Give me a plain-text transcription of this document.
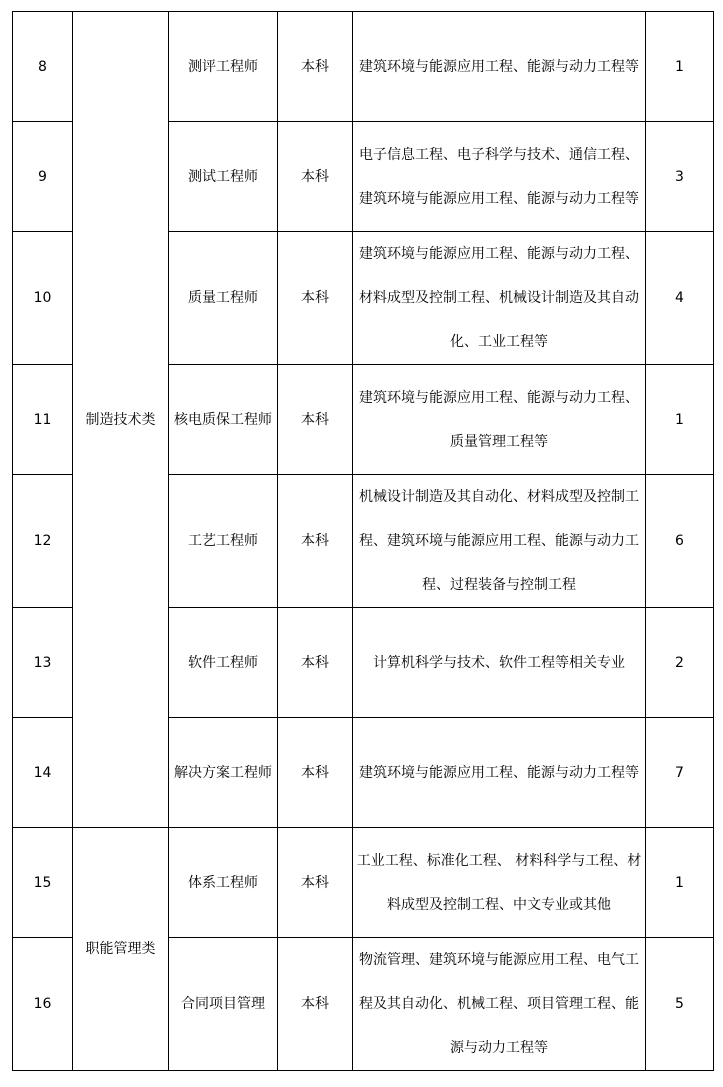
8	制造技术类	测评工程师	本科	建筑环境与能源应用工程、能源与动力工程等	1
9		测试工程师	本科	电子信息工程、电子科学与技术、通信工程、建筑环境与能源应用工程、能源与动力工程等	3
10		质量工程师	本科	建筑环境与能源应用工程、能源与动力工程、材料成型及控制工程、机械设计制造及其自动化、工业工程等	4
11		核电质保工程师	本科	建筑环境与能源应用工程、能源与动力工程、质量管理工程等	1
12		工艺工程师	本科	机械设计制造及其自动化、材料成型及控制工程、建筑环境与能源应用工程、能源与动力工程、过程装备与控制工程	6
13		软件工程师	本科	计算机科学与技术、软件工程等相关专业	2
14		解决方案工程师	本科	建筑环境与能源应用工程、能源与动力工程等	7
15	职能管理类	体系工程师	本科	工业工程、标准化工程、 材料科学与工程、材料成型及控制工程、中文专业或其他	1
16		合同项目管理	本科	物流管理、建筑环境与能源应用工程、电气工程及其自动化、机械工程、项目管理工程、能源与动力工程等	5
